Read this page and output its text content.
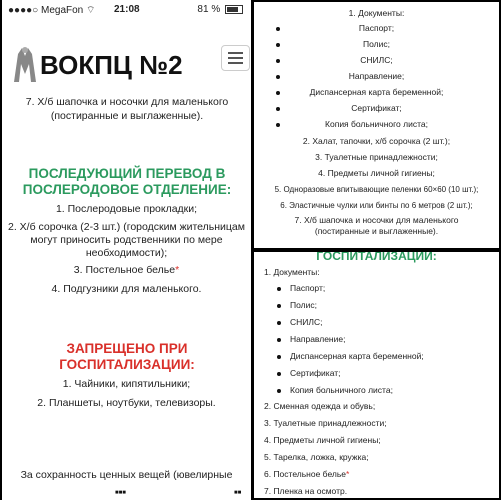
●●●●○ MegaFon ⌔ 21:08	81 %
ВОКПЦ №2
7. Х/б шапочка и носочки для маленького (постиранные и выглаженные).
ПОСЛЕДУЮЩИЙ ПЕРЕВОД В ПОСЛЕРОДОВОЕ ОТДЕЛЕНИЕ:
1. Послеродовые прокладки;
2. Х/б сорочка (2-3 шт.) (городским жительницам могут приносить родственники по мере необходимости);
3. Постельное белье*
4. Подгузники для маленького.
ЗАПРЕЩЕНО ПРИ ГОСПИТАЛИЗАЦИИ:
1. Чайники, кипятильники;
2. Планшеты, ноутбуки, телевизоры.
За сохранность ценных вещей (ювелирные
■■■	■■
1. Документы:
Паспорт;
Полис;
СНИЛС;
Направление;
Диспансерная карта беременной;
Сертификат;
Копия больничного листа;
2. Халат, тапочки, х/б сорочка (2 шт.);
3. Туалетные принадлежности;
4. Предметы личной гигиены;
5. Одноразовые впитывающие пеленки 60×60 (10 шт.);
6. Эластичные чулки или бинты по 6 метров (2 шт.);
7. Х/б шапочка и носочки для маленького (постиранные и выглаженные).
ГОСПИТАЛИЗАЦИИ:
1. Документы:
Паспорт;
Полис;
СНИЛС;
Направление;
Диспансерная карта беременной;
Сертификат;
Копия больничного листа;
2. Сменная одежда и обувь;
3. Туалетные принадлежности;
4. Предметы личной гигиены;
5. Тарелка, ложка, кружка;
6. Постельное белье*
7. Пленка на осмотр.
